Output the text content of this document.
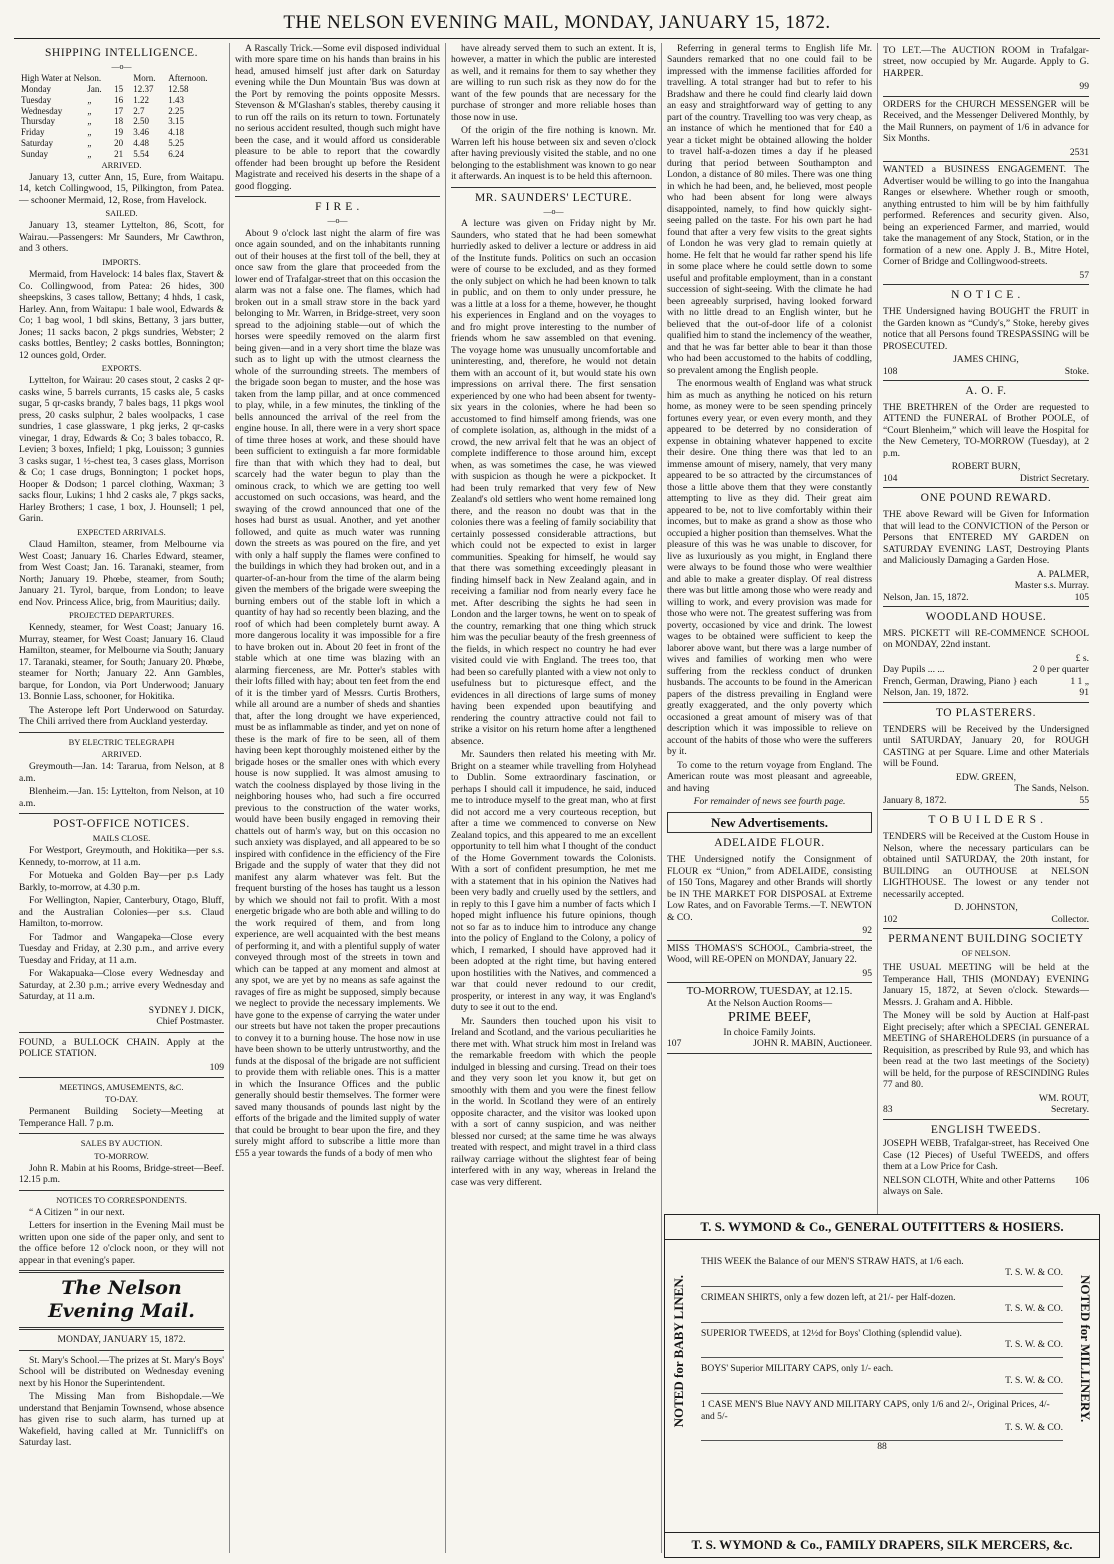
THE NELSON EVENING MAIL, MONDAY, JANUARY 15, 1872.
SHIPPING INTELLIGENCE.
—o—
High Water at Nelson.			Morn.	Afternoon.
Monday	Jan.	15	12.37	12.58
Tuesday	„	16	1.22	1.43
Wednesday	„	17	2.7	2.25
Thursday	„	18	2.50	3.15
Friday	„	19	3.46	4.18
Saturday	„	20	4.48	5.25
Sunday	„	21	5.54	6.24
ARRIVED.

January 13, cutter Ann, 15, Eure, from Waitapu. 14, ketch Collingwood, 15, Pilkington, from Patea. — schooner Mermaid, 12, Rose, from Havelock.

SAILED.

January 13, steamer Lyttelton, 86, Scott, for Wairau.—Passengers: Mr Saunders, Mr Cawthron, and 3 others.

IMPORTS.

Mermaid, from Havelock: 14 bales flax, Stavert & Co. Collingwood, from Patea: 26 hides, 300 sheepskins, 3 cases tallow, Bettany; 4 hhds, 1 cask, Harley. Ann, from Waitapu: 1 bale wool, Edwards & Co; 1 bag wool, 1 bdl skins, Bettany, 3 jars butter, Jones; 11 sacks bacon, 2 pkgs sundries, Webster; 2 casks bottles, Bentley; 2 casks bottles, Bonnington; 12 ounces gold, Order.

EXPORTS.

Lyttelton, for Wairau: 20 cases stout, 2 casks 2 qr-casks wine, 5 barrels currants, 15 casks ale, 5 casks sugar, 5 qr-casks brandy, 7 bales bags, 11 pkgs wool press, 20 casks sulphur, 2 bales woolpacks, 1 case sundries, 1 case glassware, 1 pkg jerks, 2 qr-casks vinegar, 1 dray, Edwards & Co; 3 bales tobacco, R. Levien; 3 boxes, Infield; 1 pkg, Louisson; 3 gunnies 3 casks sugar, 1 ½-chest tea, 3 cases glass, Morrison & Co; 1 case drugs, Bonnington; 1 pocket hops, Hooper & Dodson; 1 parcel clothing, Waxman; 3 sacks flour, Lukins; 1 hhd 2 casks ale, 7 pkgs sacks, Harley Brothers; 1 case, 1 box, J. Hounsell; 1 pel, Garin.

EXPECTED ARRIVALS.

Claud Hamilton, steamer, from Melbourne via West Coast; January 16. Charles Edward, steamer, from West Coast; Jan. 16. Taranaki, steamer, from North; January 19. Phœbe, steamer, from South; January 21. Tyrol, barque, from London; to leave end Nov. Princess Alice, brig, from Mauritius; daily.

PROJECTED DEPARTURES.

Kennedy, steamer, for West Coast; January 16. Murray, steamer, for West Coast; January 16. Claud Hamilton, steamer, for Melbourne via South; January 17. Taranaki, steamer, for South; January 20. Phœbe, steamer for North; January 22. Ann Gambles, barque, for London, via Port Underwood; January 13. Bonnie Lass, schooner, for Hokitika.

The Asterope left Port Underwood on Saturday. The Chili arrived there from Auckland yesterday.

BY ELECTRIC TELEGRAPH
ARRIVED.

Greymouth—Jan. 14: Tararua, from Nelson, at 8 a.m.

Blenheim.—Jan. 15: Lyttelton, from Nelson, at 10 a.m.

POST-OFFICE NOTICES.
MAILS CLOSE.

For Westport, Greymouth, and Hokitika—per s.s. Kennedy, to-morrow, at 11 a.m.

For Motueka and Golden Bay—per p.s Lady Barkly, to-morrow, at 4.30 p.m.

For Wellington, Napier, Canterbury, Otago, Bluff, and the Australian Colonies—per s.s. Claud Hamilton, to-morrow.

For Tadmor and Wangapeka—Close every Tuesday and Friday, at 2.30 p.m., and arrive every Tuesday and Friday, at 11 a.m.

For Wakapuaka—Close every Wednesday and Saturday, at 2.30 p.m.; arrive every Wednesday and Saturday, at 11 a.m.

SYDNEY J. DICK,
Chief Postmaster.

FOUND, a BULLOCK CHAIN. Apply at the POLICE STATION.

109
MEETINGS, AMUSEMENTS, &C.
TO-DAY.

Permanent Building Society—Meeting at Temperance Hall. 7 p.m.

SALES BY AUCTION.
TO-MORROW.

John R. Mabin at his Rooms, Bridge-street—Beef. 12.15 p.m.

NOTICES TO CORRESPONDENTS.

“ A Citizen ” in our next.

Letters for insertion in the Evening Mail must be written upon one side of the paper only, and sent to the office before 12 o'clock noon, or they will not appear in that evening's paper.

The Nelson Evening Mail.
MONDAY, JANUARY 15, 1872.

St. Mary's School.—The prizes at St. Mary's Boys' School will be distributed on Wednesday evening next by his Honor the Superintendent.

The Missing Man from Bishopdale.—We understand that Benjamin Townsend, whose absence has given rise to such alarm, has turned up at Wakefield, having called at Mr. Tunnicliff's on Saturday last.

A Rascally Trick.—Some evil disposed individual with more spare time on his hands than brains in his head, amused himself just after dark on Saturday evening while the Dun Mountain 'Bus was down at the Port by removing the points opposite Messrs. Stevenson & M'Glashan's stables, thereby causing it to run off the rails on its return to town. Fortunately no serious accident resulted, though such might have been the case, and it would afford us considerable pleasure to be able to report that the cowardly offender had been brought up before the Resident Magistrate and received his deserts in the shape of a good flogging.

F I R E .
—o—

About 9 o'clock last night the alarm of fire was once again sounded, and on the inhabitants running out of their houses at the first toll of the bell, they at once saw from the glare that proceeded from the lower end of Trafalgar-street that on this occasion the alarm was not a false one. The flames, which had broken out in a small straw store in the back yard belonging to Mr. Warren, in Bridge-street, very soon spread to the adjoining stable—out of which the horses were speedily removed on the alarm first being given—and in a very short time the blaze was such as to light up with the utmost clearness the whole of the surrounding streets. The members of the brigade soon began to muster, and the hose was taken from the lamp pillar, and at once commenced to play, while, in a few minutes, the tinkling of the bells announced the arrival of the reel from the engine house. In all, there were in a very short space of time three hoses at work, and these should have been sufficient to extinguish a far more formidable fire than that with which they had to deal, but scarcely had the water begun to play than the ominous crack, to which we are getting too well accustomed on such occasions, was heard, and the swaying of the crowd announced that one of the hoses had burst as usual. Another, and yet another followed, and quite as much water was running down the streets as was poured on the fire, and yet with only a half supply the flames were confined to the buildings in which they had broken out, and in a quarter-of-an-hour from the time of the alarm being given the members of the brigade were sweeping the burning embers out of the stable loft in which a quantity of hay had so recently been blazing, and the roof of which had been completely burnt away. A more dangerous locality it was impossible for a fire to have broken out in. About 20 feet in front of the stable which at one time was blazing with an alarming fierceness, are Mr. Potter's stables with their lofts filled with hay; about ten feet from the end of it is the timber yard of Messrs. Curtis Brothers, while all around are a number of sheds and shanties that, after the long drought we have experienced, must be as inflammable as tinder, and yet on none of these is the mark of fire to be seen, all of them having been kept thoroughly moistened either by the brigade hoses or the smaller ones with which every house is now supplied. It was almost amusing to watch the coolness displayed by those living in the neighboring houses who, had such a fire occurred previous to the construction of the water works, would have been busily engaged in removing their chattels out of harm's way, but on this occasion no such anxiety was displayed, and all appeared to be so inspired with confidence in the efficiency of the Fire Brigade and the supply of water that they did not manifest any alarm whatever was felt. But the frequent bursting of the hoses has taught us a lesson by which we should not fail to profit. With a most energetic brigade who are both able and willing to do the work required of them, and from long experience, are well acquainted with the best means of performing it, and with a plentiful supply of water conveyed through most of the streets in town and which can be tapped at any moment and almost at any spot, we are yet by no means as safe against the ravages of fire as might be supposed, simply because we neglect to provide the necessary implements. We have gone to the expense of carrying the water under our streets but have not taken the proper precautions to convey it to a burning house. The hose now in use have been shown to be utterly untrustworthy, and the funds at the disposal of the brigade are not sufficient to provide them with reliable ones. This is a matter in which the Insurance Offices and the public generally should bestir themselves. The former were saved many thousands of pounds last night by the efforts of the brigade and the limited supply of water that could be brought to bear upon the fire, and they surely might afford to subscribe a little more than £55 a year towards the funds of a body of men who

have already served them to such an extent. It is, however, a matter in which the public are interested as well, and it remains for them to say whether they are willing to run such risk as they now do for the want of the few pounds that are necessary for the purchase of stronger and more reliable hoses than those now in use.

Of the origin of the fire nothing is known. Mr. Warren left his house between six and seven o'clock after having previously visited the stable, and no one belonging to the establishment was known to go near it afterwards. An inquest is to be held this afternoon.

MR. SAUNDERS' LECTURE.
—o—

A lecture was given on Friday night by Mr. Saunders, who stated that he had been somewhat hurriedly asked to deliver a lecture or address in aid of the Institute funds. Politics on such an occasion were of course to be excluded, and as they formed the only subject on which he had been known to talk in public, and on them to only under pressure, he was a little at a loss for a theme, however, he thought his experiences in England and on the voyages to and fro might prove interesting to the number of friends whom he saw assembled on that evening. The voyage home was unusually uncomfortable and uninteresting, and, therefore, he would not detain them with an account of it, but would state his own impressions on arrival there. The first sensation experienced by one who had been absent for twenty-six years in the colonies, where he had been so accustomed to find himself among friends, was one of complete isolation, as, although in the midst of a crowd, the new arrival felt that he was an object of complete indifference to those around him, except when, as was sometimes the case, he was viewed with suspicion as though he were a pickpocket. It had been truly remarked that very few of New Zealand's old settlers who went home remained long there, and the reason no doubt was that in the colonies there was a feeling of family sociability that certainly possessed considerable attractions, but which could not be expected to exist in larger communities. Speaking for himself, he would say that there was something exceedingly pleasant in finding himself back in New Zealand again, and in receiving a familiar nod from nearly every face he met. After describing the sights he had seen in London and the larger towns, he went on to speak of the country, remarking that one thing which struck him was the peculiar beauty of the fresh greenness of the fields, in which respect no country he had ever visited could vie with England. The trees too, that had been so carefully planted with a view not only to usefulness but to picturesque effect, and the evidences in all directions of large sums of money having been expended upon beautifying and rendering the country attractive could not fail to strike a visitor on his return home after a lengthened absence.

Mr. Saunders then related his meeting with Mr. Bright on a steamer while travelling from Holyhead to Dublin. Some extraordinary fascination, or perhaps I should call it impudence, he said, induced me to introduce myself to the great man, who at first did not accord me a very courteous reception, but after a time we commenced to converse on New Zealand topics, and this appeared to me an excellent opportunity to tell him what I thought of the conduct of the Home Government towards the Colonists. With a sort of confident presumption, he met me with a statement that in his opinion the Natives had been very badly and cruelly used by the settlers, and in reply to this I gave him a number of facts which I hoped might influence his future opinions, though not so far as to induce him to introduce any change into the policy of England to the Colony, a policy of which, I remarked, I should have approved had it been adopted at the right time, but having entered upon hostilities with the Natives, and commenced a war that could never redound to our credit, prosperity, or interest in any way, it was England's duty to see it out to the end.

Mr. Saunders then touched upon his visit to Ireland and Scotland, and the various peculiarities he there met with. What struck him most in Ireland was the remarkable freedom with which the people indulged in blessing and cursing. Tread on their toes and they very soon let you know it, but get on smoothly with them and you were the finest fellow in the world. In Scotland they were of an entirely opposite character, and the visitor was looked upon with a sort of canny suspicion, and was neither blessed nor cursed; at the same time he was always treated with respect, and might travel in a third class railway carriage without the slightest fear of being interfered with in any way, whereas in Ireland the case was very different.

Referring in general terms to English life Mr. Saunders remarked that no one could fail to be impressed with the immense facilities afforded for travelling. A total stranger had but to refer to his Bradshaw and there he could find clearly laid down an easy and straightforward way of getting to any part of the country. Travelling too was very cheap, as an instance of which he mentioned that for £40 a year a ticket might be obtained allowing the holder to travel half-a-dozen times a day if he pleased during that period between Southampton and London, a distance of 80 miles. There was one thing in which he had been, and, he believed, most people who had been absent for long were always disappointed, namely, to find how quickly sight-seeing palled on the taste. For his own part he had found that after a very few visits to the great sights of London he was very glad to remain quietly at home. He felt that he would far rather spend his life in some place where he could settle down to some useful and profitable employment, than in a constant succession of sight-seeing. With the climate he had been agreeably surprised, having looked forward with no little dread to an English winter, but he believed that the out-of-door life of a colonist qualified him to stand the inclemency of the weather, and that he was far better able to bear it than those who had been accustomed to the habits of coddling, so prevalent among the English people.

The enormous wealth of England was what struck him as much as anything he noticed on his return home, as money were to be seen spending princely fortunes every year, or even every month, and they appeared to be deterred by no consideration of expense in obtaining whatever happened to excite their desire. One thing there was that led to an immense amount of misery, namely, that very many appeared to be so attracted by the circumstances of those a little above them that they were constantly attempting to live as they did. Their great aim appeared to be, not to live comfortably within their incomes, but to make as grand a show as those who occupied a higher position than themselves. What the pleasure of this was he was unable to discover, for live as luxuriously as you might, in England there were always to be found those who were wealthier and able to make a greater display. Of real distress there was but little among those who were ready and willing to work, and every provision was made for those who were not. The greatest suffering was from poverty, occasioned by vice and drink. The lowest wages to be obtained were sufficient to keep the laborer above want, but there was a large number of wives and families of working men who were suffering from the reckless conduct of drunken husbands. The accounts to be found in the American papers of the distress prevailing in England were greatly exaggerated, and the only poverty which occasioned a great amount of misery was of that description which it was impossible to relieve on account of the habits of those who were the sufferers by it.

To come to the return voyage from England. The American route was most pleasant and agreeable, and having

For remainder of news see fourth page.
New Advertisements.
ADELAIDE FLOUR.

THE Undersigned notify the Consignment of FLOUR ex “Union,” from ADELAIDE, consisting of 150 Tons, Magarey and other Brands will shortly be IN THE MARKET FOR DISPOSAL at Extreme Low Rates, and on Favorable Terms.—T. NEWTON & CO.

92

MISS THOMAS'S SCHOOL, Cambria-street, the Wood, will RE-OPEN on MONDAY, January 22.

95
TO-MORROW, TUESDAY, at 12.15.
At the Nelson Auction Rooms—
PRIME BEEF,
In choice Family Joints.
107	JOHN R. MABIN, Auctioneer.

TO LET.—The AUCTION ROOM in Trafalgar-street, now occupied by Mr. Augarde. Apply to G. HARPER.

99

ORDERS for the CHURCH MESSENGER will be Received, and the Messenger Delivered Monthly, by the Mail Runners, on payment of 1/6 in advance for Six Months.

2531

WANTED a BUSINESS ENGAGEMENT. The Advertiser would be willing to go into the Inangahua Ranges or elsewhere. Whether rough or smooth, anything entrusted to him will be by him faithfully performed. References and security given. Also, being an experienced Farmer, and married, would take the management of any Stock, Station, or in the formation of a new one. Apply J. B., Mitre Hotel, Corner of Bridge and Collingwood-streets.

57
N O T I C E .

THE Undersigned having BOUGHT the FRUIT in the Garden known as “Cundy's,” Stoke, hereby gives notice that all Persons found TRESPASSING will be PROSECUTED.

JAMES CHING,
108	Stoke.
A. O. F.

THE BRETHREN of the Order are requested to ATTEND the FUNERAL of Brother POOLE, of “Court Blenheim,” which will leave the Hospital for the New Cemetery, TO-MORROW (Tuesday), at 2 p.m.

ROBERT BURN,
104	District Secretary.
ONE POUND REWARD.

THE above Reward will be Given for Information that will lead to the CONVICTION of the Person or Persons that ENTERED MY GARDEN on SATURDAY EVENING LAST, Destroying Plants and Maliciously Damaging a Garden Hose.

A. PALMER,
Master s.s. Murray.
Nelson, Jan. 15, 1872.	105
WOODLAND HOUSE.

MRS. PICKETT will RE-COMMENCE SCHOOL on MONDAY, 22nd instant.

£ s.
Day Pupils ... ...	2 0 per quarter
French, German, Drawing, Piano } each	1 1 „
Nelson, Jan. 19, 1872.	91
TO PLASTERERS.

TENDERS will be Received by the Undersigned until SATURDAY, January 20, for ROUGH CASTING at per Square. Lime and other Materials will be Found.

EDW. GREEN,
The Sands, Nelson.
January 8, 1872.	55
T O B U I L D E R S .

TENDERS will be Received at the Custom House in Nelson, where the necessary particulars can be obtained until SATURDAY, the 20th instant, for BUILDING an OUTHOUSE at NELSON LIGHTHOUSE. The lowest or any tender not necessarily accepted.

D. JOHNSTON,
102	Collector.
PERMANENT BUILDING SOCIETY
OF NELSON.

THE USUAL MEETING will be held at the Temperance Hall, THIS (MONDAY) EVENING January 15, 1872, at Seven o'clock. Stewards—Messrs. J. Graham and A. Hibble.

The Money will be sold by Auction at Half-past Eight precisely; after which a SPECIAL GENERAL MEETING of SHAREHOLDERS (in pursuance of a Requisition, as prescribed by Rule 93, and which has been read at the two last meetings of the Society) will be held, for the purpose of RESCINDING Rules 77 and 80.

WM. ROUT,
83	Secretary.
ENGLISH TWEEDS.

JOSEPH WEBB, Trafalgar-street, has Received One Case (12 Pieces) of Useful TWEEDS, and offers them at a Low Price for Cash.

NELSON CLOTH, White and other Patterns always on Sale.
106
T. S. WYMOND & Co., GENERAL OUTFITTERS & HOSIERS.
NOTED for BABY LINEN.	NOTED for MILLINERY.
THIS WEEK the Balance of our MEN'S STRAW HATS, at 1/6 each.
T. S. W. & CO.
CRIMEAN SHIRTS, only a few dozen left, at 21/- per Half-dozen.
T. S. W. & CO.
SUPERIOR TWEEDS, at 12½d for Boys' Clothing (splendid value).
T. S. W. & CO.
BOYS' Superior MILITARY CAPS, only 1/- each.
T. S. W. & CO.
1 CASE MEN'S Blue NAVY AND MILITARY CAPS, only 1/6 and 2/-, Original Prices, 4/- and 5/-
T. S. W. & CO.
88
T. S. WYMOND & Co., FAMILY DRAPERS, SILK MERCERS, &c.
